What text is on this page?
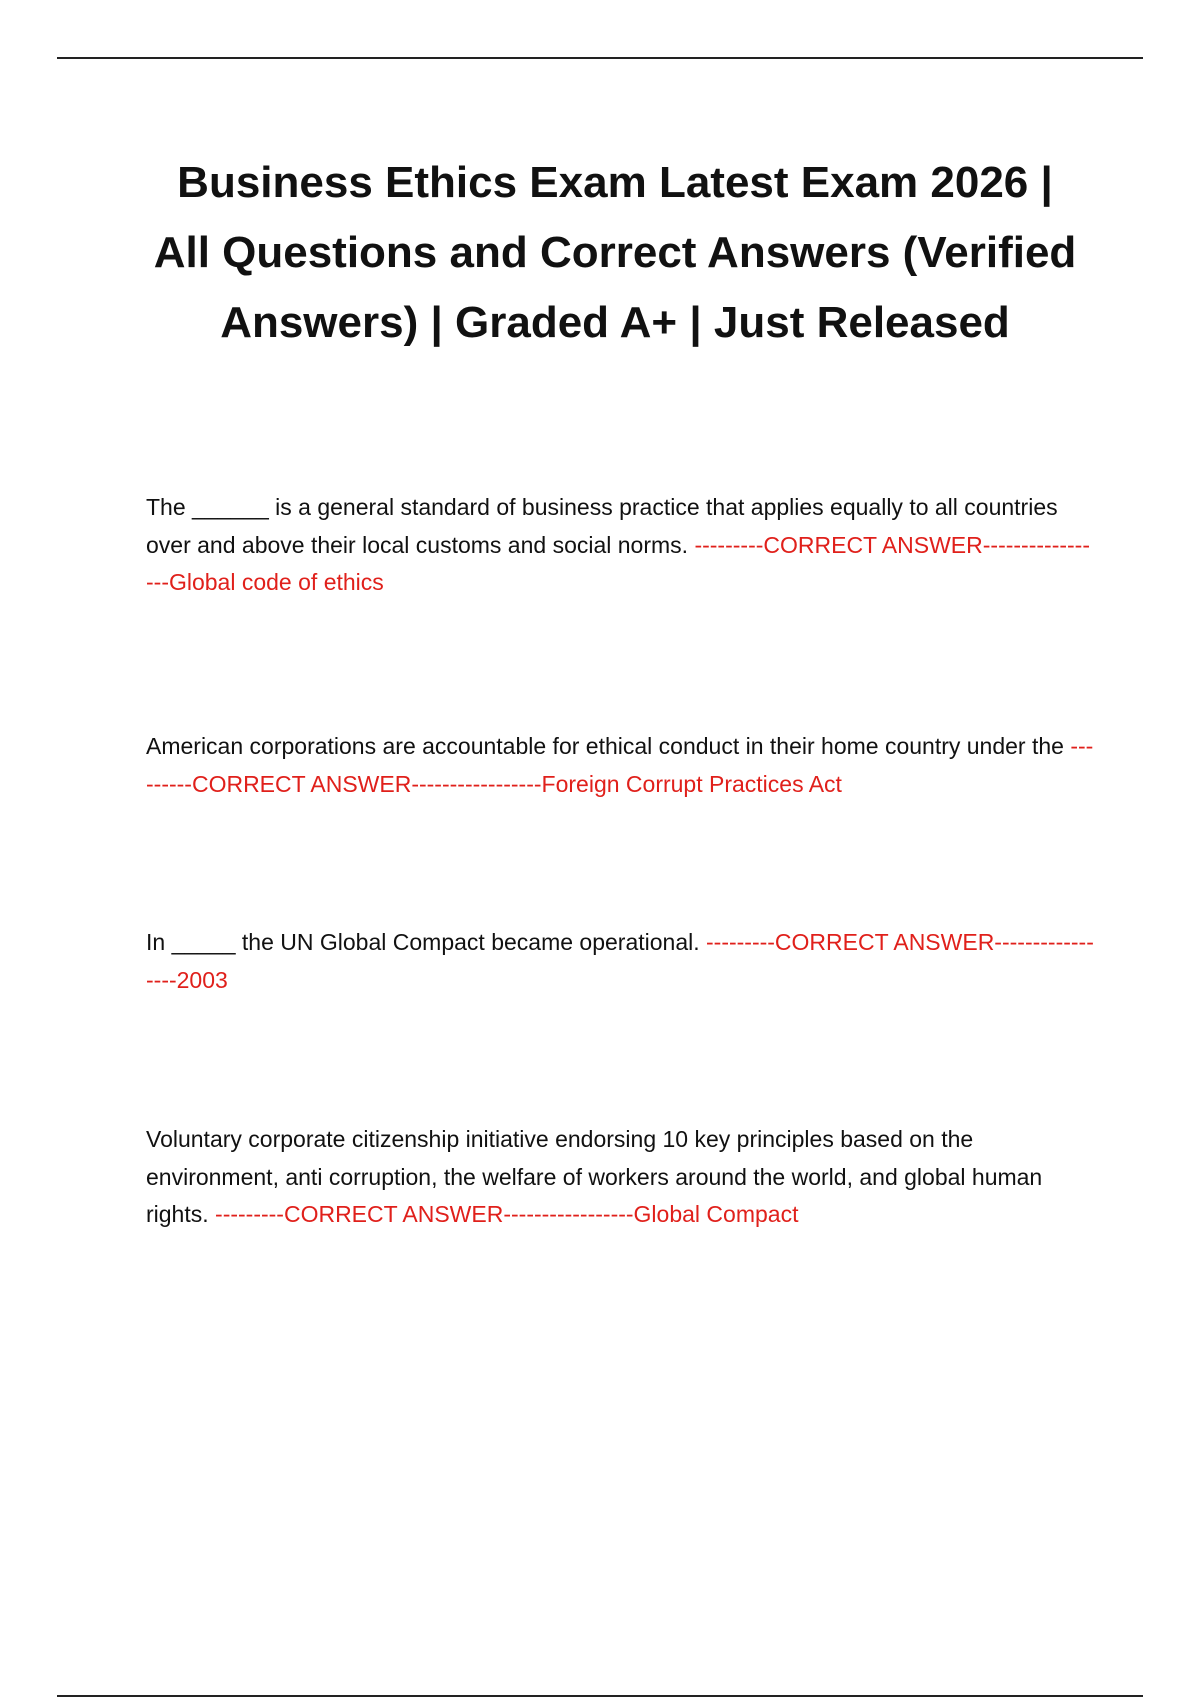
Business Ethics Exam Latest Exam 2026 | All Questions and Correct Answers (Verified Answers) | Graded A+ | Just Released

The ______ is a general standard of business practice that applies equally to all countries over and above their local customs and social norms. ---------CORRECT ANSWER-----------------Global code of ethics

American corporations are accountable for ethical conduct in their home country under the ---------CORRECT ANSWER-----------------Foreign Corrupt Practices Act

In _____ the UN Global Compact became operational. ---------CORRECT ANSWER-----------------2003

Voluntary corporate citizenship initiative endorsing 10 key principles based on the environment, anti corruption, the welfare of workers around the world, and global human rights. ---------CORRECT ANSWER-----------------Global Compact
